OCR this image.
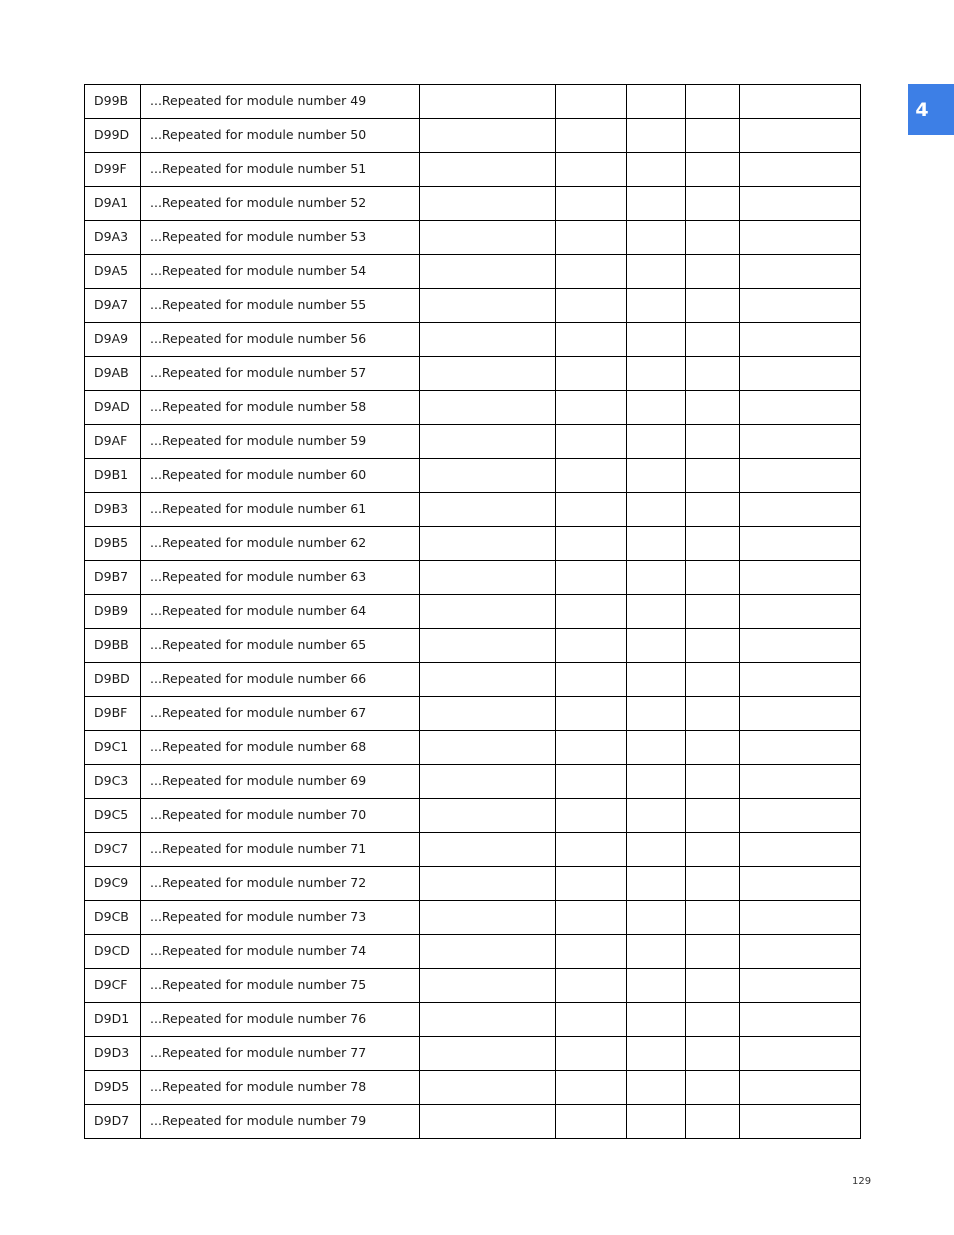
D99B	...Repeated for module number 49					
D99D	...Repeated for module number 50					
D99F	...Repeated for module number 51					
D9A1	...Repeated for module number 52					
D9A3	...Repeated for module number 53					
D9A5	...Repeated for module number 54					
D9A7	...Repeated for module number 55					
D9A9	...Repeated for module number 56					
D9AB	...Repeated for module number 57					
D9AD	...Repeated for module number 58					
D9AF	...Repeated for module number 59					
D9B1	...Repeated for module number 60					
D9B3	...Repeated for module number 61					
D9B5	...Repeated for module number 62					
D9B7	...Repeated for module number 63					
D9B9	...Repeated for module number 64					
D9BB	...Repeated for module number 65					
D9BD	...Repeated for module number 66					
D9BF	...Repeated for module number 67					
D9C1	...Repeated for module number 68					
D9C3	...Repeated for module number 69					
D9C5	...Repeated for module number 70					
D9C7	...Repeated for module number 71					
D9C9	...Repeated for module number 72					
D9CB	...Repeated for module number 73					
D9CD	...Repeated for module number 74					
D9CF	...Repeated for module number 75					
D9D1	...Repeated for module number 76					
D9D3	...Repeated for module number 77					
D9D5	...Repeated for module number 78					
D9D7	...Repeated for module number 79					
4
129
